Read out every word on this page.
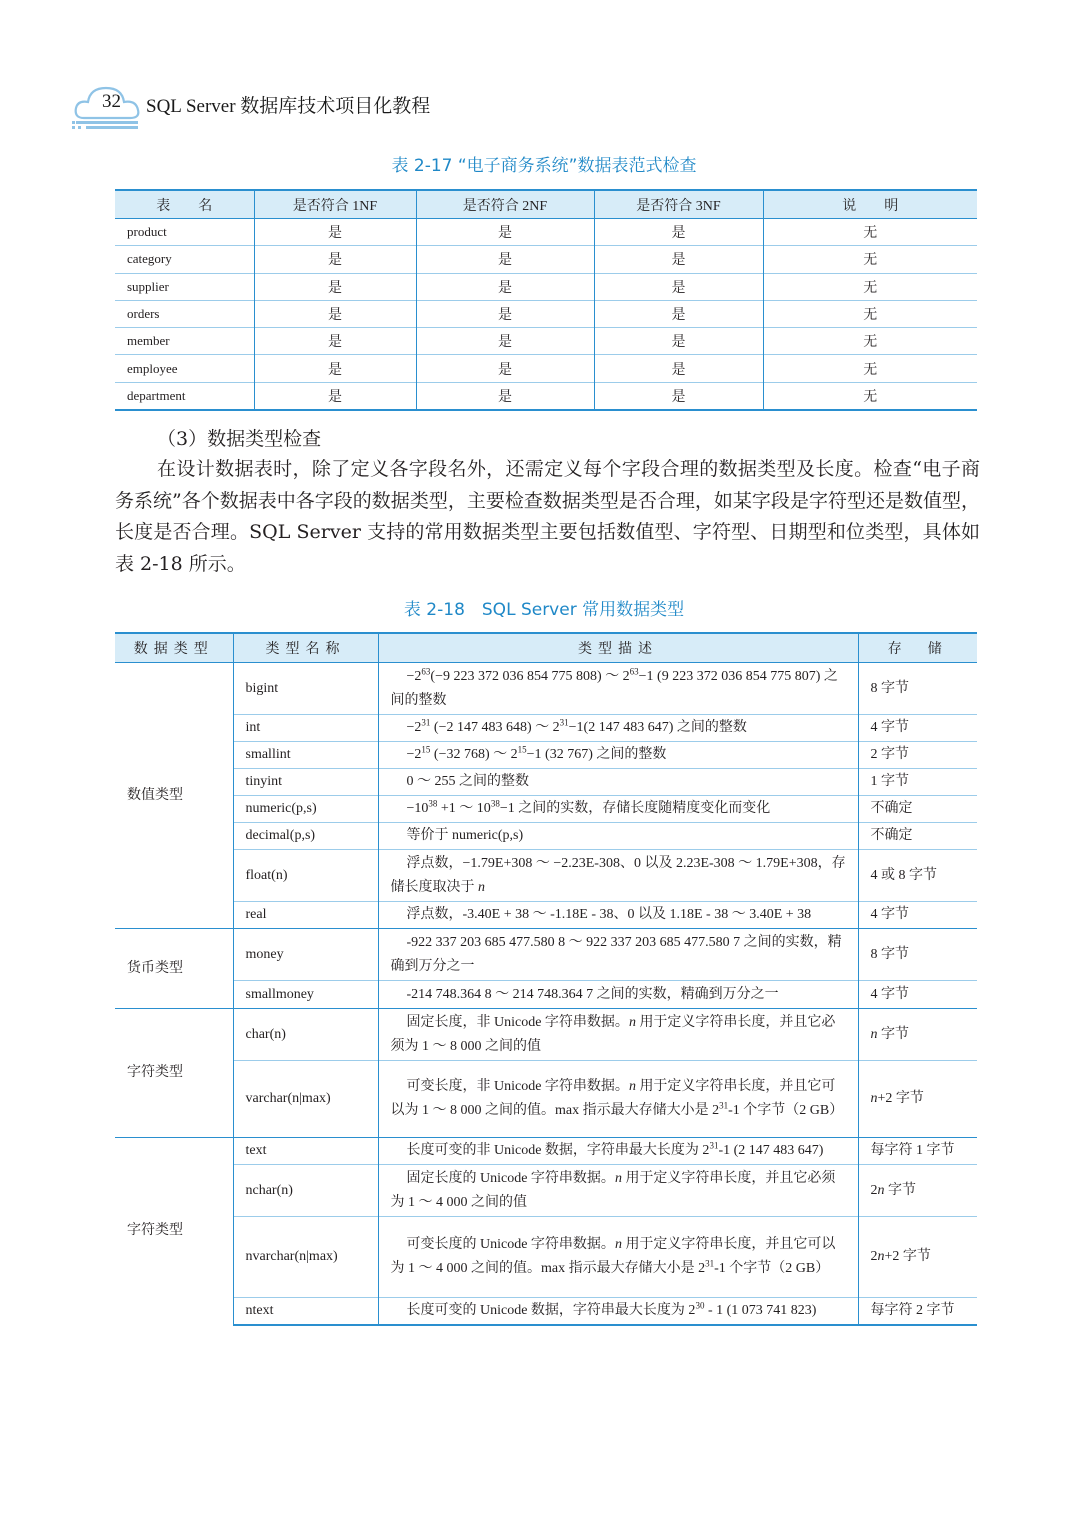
32 SQL Server 数据库技术项目化教程
表 2-17 “电子商务系统”数据表范式检查
表　　名	是否符合 1NF	是否符合 2NF	是否符合 3NF	说　　明
product	是	是	是	无
category	是	是	是	无
supplier	是	是	是	无
orders	是	是	是	无
member	是	是	是	无
employee	是	是	是	无
department	是	是	是	无
（3）数据类型检查
在设计数据表时，除了定义各字段名外，还需定义每个字段合理的数据类型及长度。检查“电子商务系统”各个数据表中各字段的数据类型，主要检查数据类型是否合理，如某字段是字符型还是数值型，长度是否合理。SQL Server 支持的常用数据类型主要包括数值型、字符型、日期型和位类型，具体如表 2-18 所示。
表 2-18　SQL Server 常用数据类型
数据类型	类型名称	类型描述	存　储
数值类型	bigint	$-2^{63}(-9$ 223 372 036 854 775 808) ～ $2^{63}-1$ (9 223 372 036 854 775 807) 之间的整数	8 字节
	int	$-2^{31}$ (−2 147 483 648) ～ $2^{31}-1(2$ 147 483 647) 之间的整数	4 字节
	smallint	$-2^{15}$ (−32 768) ～ $2^{15}-1$ (32 767) 之间的整数	2 字节
	tinyint	0 ～ 255 之间的整数	1 字节
	numeric(p,s)	$-10^{38} +1$ ～ $10^{38}-1$ 之间的实数，存储长度随精度变化而变化	不确定
	decimal(p,s)	等价于 numeric(p,s)	不确定
	float(n)	浮点数，−1.79E+308 ～ −2.23E-308、0 以及 2.23E-308 ～ 1.79E+308，存储长度取决于 n	4 或 8 字节
	real	浮点数，-3.40E + 38 ～ -1.18E - 38、0 以及 1.18E - 38 ～ 3.40E + 38	4 字节
货币类型	money	-922 337 203 685 477.580 8 ～ 922 337 203 685 477.580 7 之间的实数，精确到万分之一	8 字节
	smallmoney	-214 748.364 8 ～ 214 748.364 7 之间的实数，精确到万分之一	4 字节
字符类型	char(n)	固定长度，非 Unicode 字符串数据。n 用于定义字符串长度，并且它必须为 1 ～ 8 000 之间的值	n 字节
	varchar(n|max)	可变长度，非 Unicode 字符串数据。n 用于定义字符串长度，并且它可以为 1 ～ 8 000 之间的值。max 指示最大存储大小是 $2^{31}-1$ 个字节（2 GB）	n+2 字节
字符类型	text	长度可变的非 Unicode 数据，字符串最大长度为 $2^{31}-1$ (2 147 483 647)	每字符 1 字节
	nchar(n)	固定长度的 Unicode 字符串数据。n 用于定义字符串长度，并且它必须为 1 ～ 4 000 之间的值	2n 字节
	nvarchar(n|max)	可变长度的 Unicode 字符串数据。n 用于定义字符串长度，并且它可以为 1 ～ 4 000 之间的值。max 指示最大存储大小是 $2^{31}-1$ 个字节（2 GB）	2n+2 字节
	ntext	长度可变的 Unicode 数据，字符串最大长度为 $2^{30} - 1$ (1 073 741 823)	每字符 2 字节
